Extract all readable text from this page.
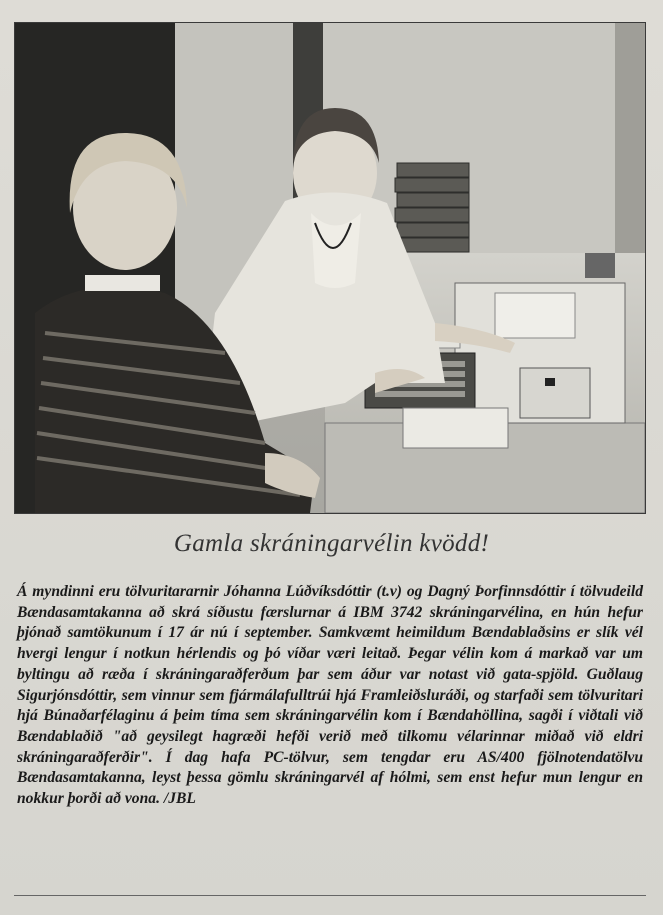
Gamla skráningarvélin kvödd!
Á myndinni eru tölvuritararnir Jóhanna Lúðvíksdóttir (t.v) og Dagný Þorfinnsdóttir í tölvudeild Bændasamtakanna að skrá síðustu færslurnar á IBM 3742 skráningarvélina, en hún hefur þjónað samtökunum í 17 ár nú í september. Samkvæmt heimildum Bændablaðsins er slík vél hvergi lengur í notkun hérlendis og þó víðar væri leitað. Þegar vélin kom á markað var um byltingu að ræða í skráningaraðferðum þar sem áður var notast við gata-spjöld. Guðlaug Sigurjónsdóttir, sem vinnur sem fjármálafulltrúi hjá Framleiðsluráði, og starfaði sem tölvuritari hjá Búnaðarfélaginu á þeim tíma sem skráningarvélin kom í Bændahöllina, sagði í viðtali við Bændablaðið "að geysilegt hagræði hefði verið með tilkomu vélarinnar miðað við eldri skráningaraðferðir". Í dag hafa PC-tölvur, sem tengdar eru AS/400 fjölnotendatölvu Bændasamtakanna, leyst þessa gömlu skráningarvél af hólmi, sem enst hefur mun lengur en nokkur þorði að vona. /JBL
